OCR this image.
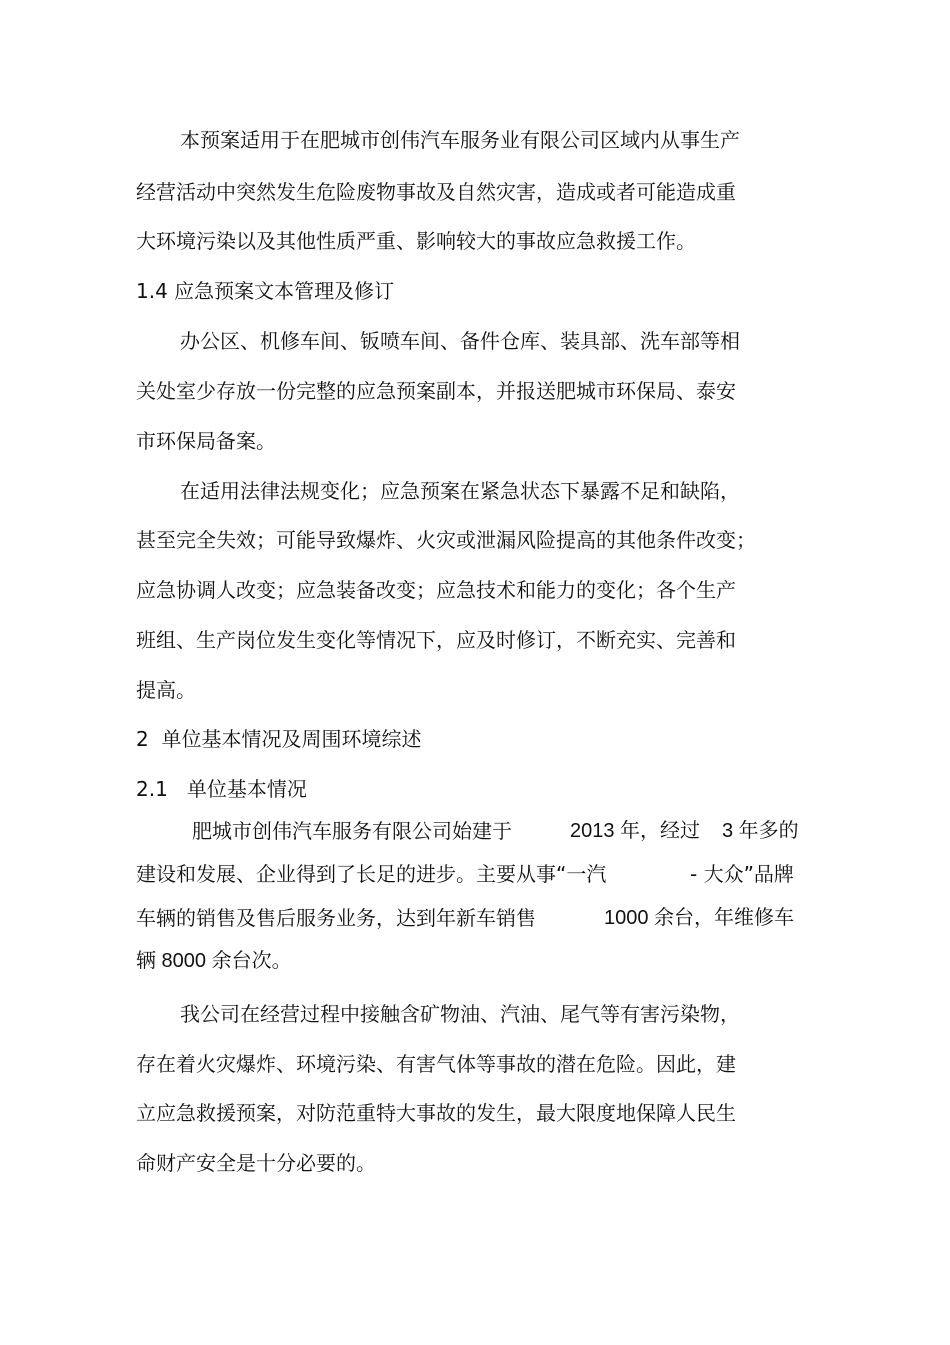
本预案适用于在肥城市创伟汽车服务业有限公司区域内从事生产
经营活动中突然发生危险废物事故及自然灾害，造成或者可能造成重
大环境污染以及其他性质严重、影响较大的事故应急救援工作。
1.4 应急预案文本管理及修订
办公区、机修车间、钣喷车间、备件仓库、装具部、洗车部等相
关处室少存放一份完整的应急预案副本，并报送肥城市环保局、泰安
市环保局备案。
在适用法律法规变化；应急预案在紧急状态下暴露不足和缺陷，
甚至完全失效；可能导致爆炸、火灾或泄漏风险提高的其他条件改变；
应急协调人改变；应急装备改变；应急技术和能力的变化；各个生产
班组、生产岗位发生变化等情况下，应及时修订，不断充实、完善和
提高。
2  单位基本情况及周围环境综述
2.1   单位基本情况
肥城市创伟汽车服务有限公司始建于	2013 年，经过 3 年多的
建设和发展、企业得到了长足的进步。主要从事“一汽	- 大众”品牌
车辆的销售及售后服务业务，达到年新车销售	1000 余台，年维修车
辆 8000 余台次。
我公司在经营过程中接触含矿物油、汽油、尾气等有害污染物，
存在着火灾爆炸、环境污染、有害气体等事故的潜在危险。因此，建
立应急救援预案，对防范重特大事故的发生，最大限度地保障人民生
命财产安全是十分必要的。
